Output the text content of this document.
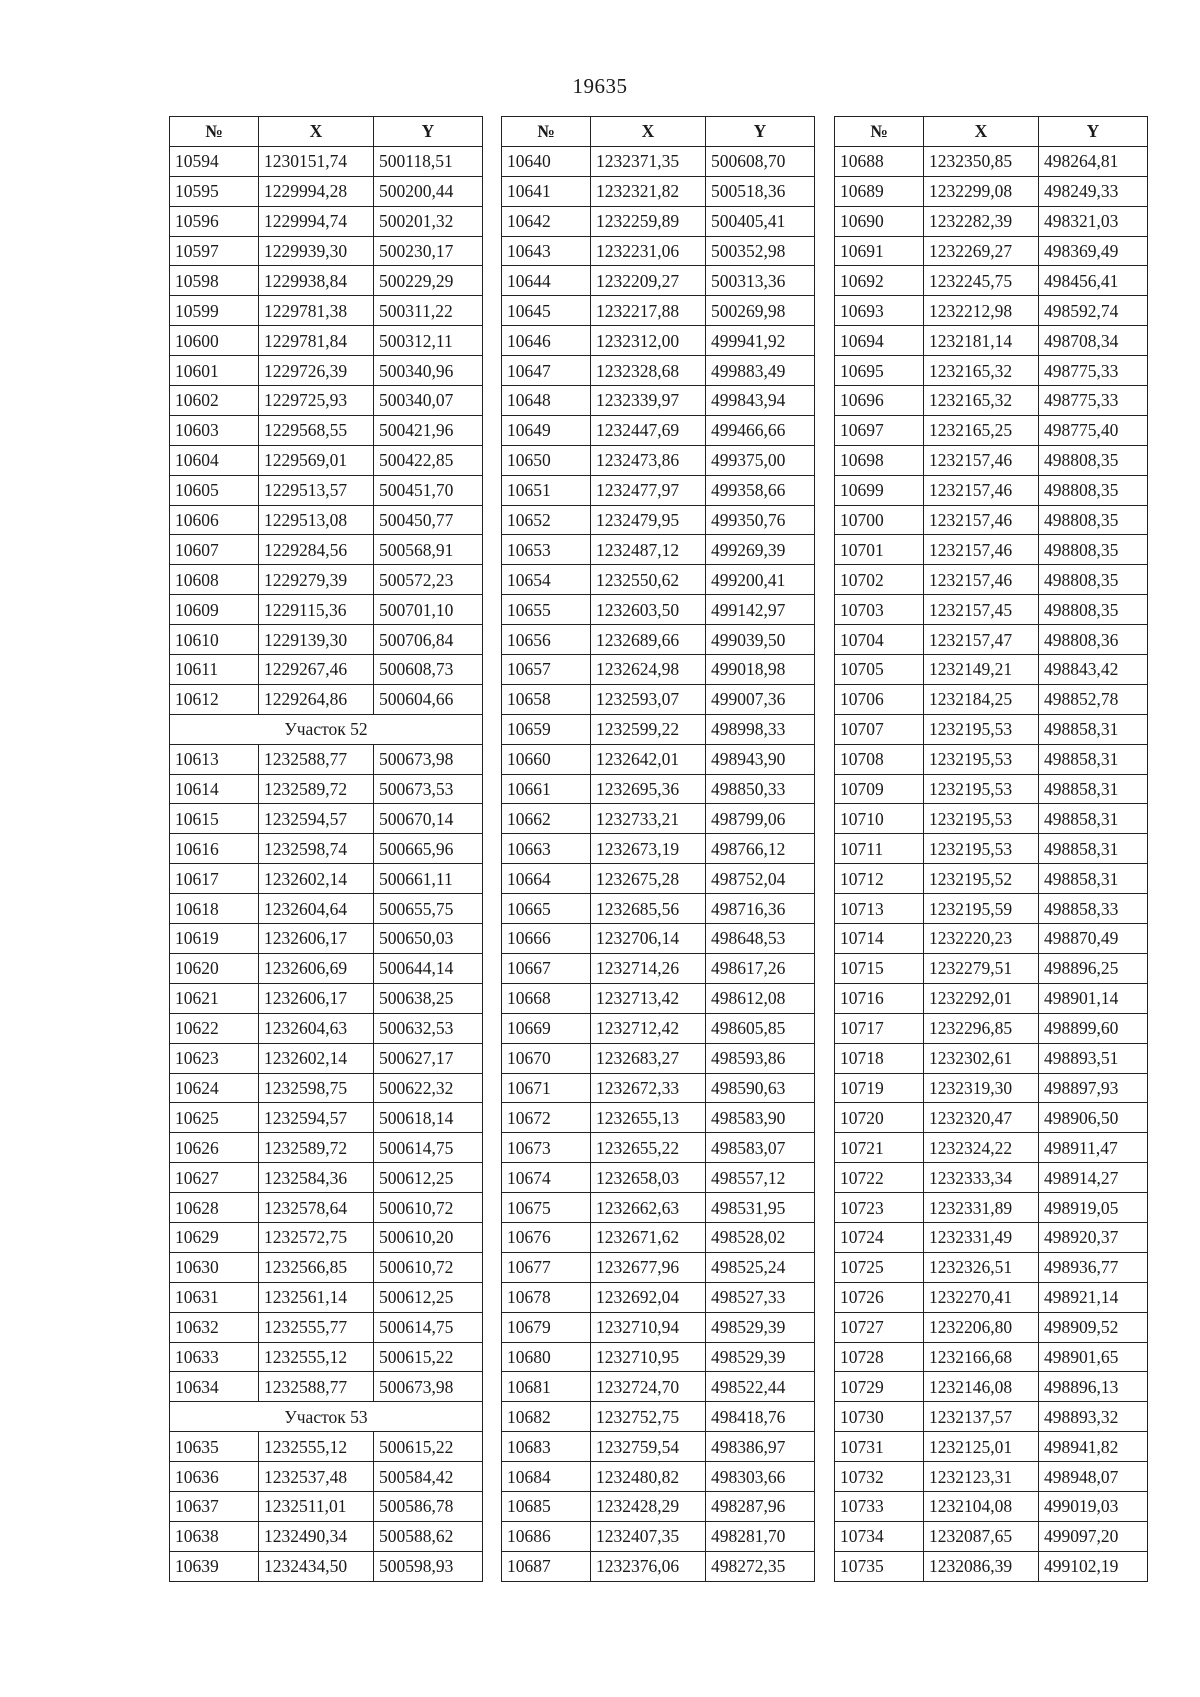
19635
№	X	Y
10594	1230151,74	500118,51
10595	1229994,28	500200,44
10596	1229994,74	500201,32
10597	1229939,30	500230,17
10598	1229938,84	500229,29
10599	1229781,38	500311,22
10600	1229781,84	500312,11
10601	1229726,39	500340,96
10602	1229725,93	500340,07
10603	1229568,55	500421,96
10604	1229569,01	500422,85
10605	1229513,57	500451,70
10606	1229513,08	500450,77
10607	1229284,56	500568,91
10608	1229279,39	500572,23
10609	1229115,36	500701,10
10610	1229139,30	500706,84
10611	1229267,46	500608,73
10612	1229264,86	500604,66
Участок 52		
10613	1232588,77	500673,98
10614	1232589,72	500673,53
10615	1232594,57	500670,14
10616	1232598,74	500665,96
10617	1232602,14	500661,11
10618	1232604,64	500655,75
10619	1232606,17	500650,03
10620	1232606,69	500644,14
10621	1232606,17	500638,25
10622	1232604,63	500632,53
10623	1232602,14	500627,17
10624	1232598,75	500622,32
10625	1232594,57	500618,14
10626	1232589,72	500614,75
10627	1232584,36	500612,25
10628	1232578,64	500610,72
10629	1232572,75	500610,20
10630	1232566,85	500610,72
10631	1232561,14	500612,25
10632	1232555,77	500614,75
10633	1232555,12	500615,22
10634	1232588,77	500673,98
Участок 53		
10635	1232555,12	500615,22
10636	1232537,48	500584,42
10637	1232511,01	500586,78
10638	1232490,34	500588,62
10639	1232434,50	500598,93
№	X	Y
10640	1232371,35	500608,70
10641	1232321,82	500518,36
10642	1232259,89	500405,41
10643	1232231,06	500352,98
10644	1232209,27	500313,36
10645	1232217,88	500269,98
10646	1232312,00	499941,92
10647	1232328,68	499883,49
10648	1232339,97	499843,94
10649	1232447,69	499466,66
10650	1232473,86	499375,00
10651	1232477,97	499358,66
10652	1232479,95	499350,76
10653	1232487,12	499269,39
10654	1232550,62	499200,41
10655	1232603,50	499142,97
10656	1232689,66	499039,50
10657	1232624,98	499018,98
10658	1232593,07	499007,36
10659	1232599,22	498998,33
10660	1232642,01	498943,90
10661	1232695,36	498850,33
10662	1232733,21	498799,06
10663	1232673,19	498766,12
10664	1232675,28	498752,04
10665	1232685,56	498716,36
10666	1232706,14	498648,53
10667	1232714,26	498617,26
10668	1232713,42	498612,08
10669	1232712,42	498605,85
10670	1232683,27	498593,86
10671	1232672,33	498590,63
10672	1232655,13	498583,90
10673	1232655,22	498583,07
10674	1232658,03	498557,12
10675	1232662,63	498531,95
10676	1232671,62	498528,02
10677	1232677,96	498525,24
10678	1232692,04	498527,33
10679	1232710,94	498529,39
10680	1232710,95	498529,39
10681	1232724,70	498522,44
10682	1232752,75	498418,76
10683	1232759,54	498386,97
10684	1232480,82	498303,66
10685	1232428,29	498287,96
10686	1232407,35	498281,70
10687	1232376,06	498272,35
№	X	Y
10688	1232350,85	498264,81
10689	1232299,08	498249,33
10690	1232282,39	498321,03
10691	1232269,27	498369,49
10692	1232245,75	498456,41
10693	1232212,98	498592,74
10694	1232181,14	498708,34
10695	1232165,32	498775,33
10696	1232165,32	498775,33
10697	1232165,25	498775,40
10698	1232157,46	498808,35
10699	1232157,46	498808,35
10700	1232157,46	498808,35
10701	1232157,46	498808,35
10702	1232157,46	498808,35
10703	1232157,45	498808,35
10704	1232157,47	498808,36
10705	1232149,21	498843,42
10706	1232184,25	498852,78
10707	1232195,53	498858,31
10708	1232195,53	498858,31
10709	1232195,53	498858,31
10710	1232195,53	498858,31
10711	1232195,53	498858,31
10712	1232195,52	498858,31
10713	1232195,59	498858,33
10714	1232220,23	498870,49
10715	1232279,51	498896,25
10716	1232292,01	498901,14
10717	1232296,85	498899,60
10718	1232302,61	498893,51
10719	1232319,30	498897,93
10720	1232320,47	498906,50
10721	1232324,22	498911,47
10722	1232333,34	498914,27
10723	1232331,89	498919,05
10724	1232331,49	498920,37
10725	1232326,51	498936,77
10726	1232270,41	498921,14
10727	1232206,80	498909,52
10728	1232166,68	498901,65
10729	1232146,08	498896,13
10730	1232137,57	498893,32
10731	1232125,01	498941,82
10732	1232123,31	498948,07
10733	1232104,08	499019,03
10734	1232087,65	499097,20
10735	1232086,39	499102,19
